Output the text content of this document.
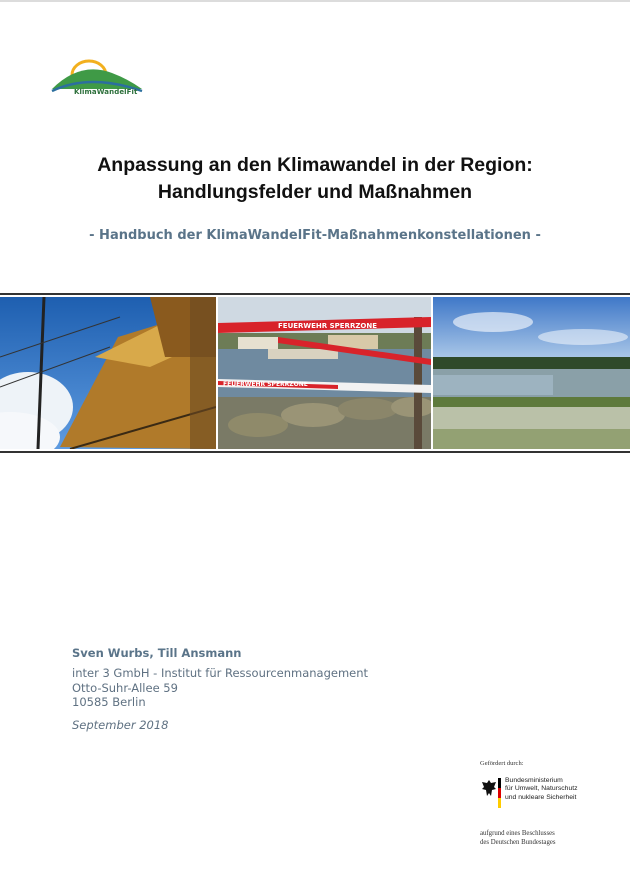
KlimaWandelFit
Anpassung an den Klimawandel in der Region:
Handlungsfelder und Maßnahmen
- Handbuch der KlimaWandelFit-Maßnahmenkonstellationen -
FEUERWEHR SPERRZONE
FEUERWEHR SPERRZONE
Sven Wurbs, Till Ansmann
inter 3 GmbH - Institut für Ressourcenmanagement
Otto-Suhr-Allee 59
10585 Berlin
September 2018
Gefördert durch:
Bundesministerium
für Umwelt, Naturschutz
und nukleare Sicherheit
aufgrund eines Beschlusses
des Deutschen Bundestages
